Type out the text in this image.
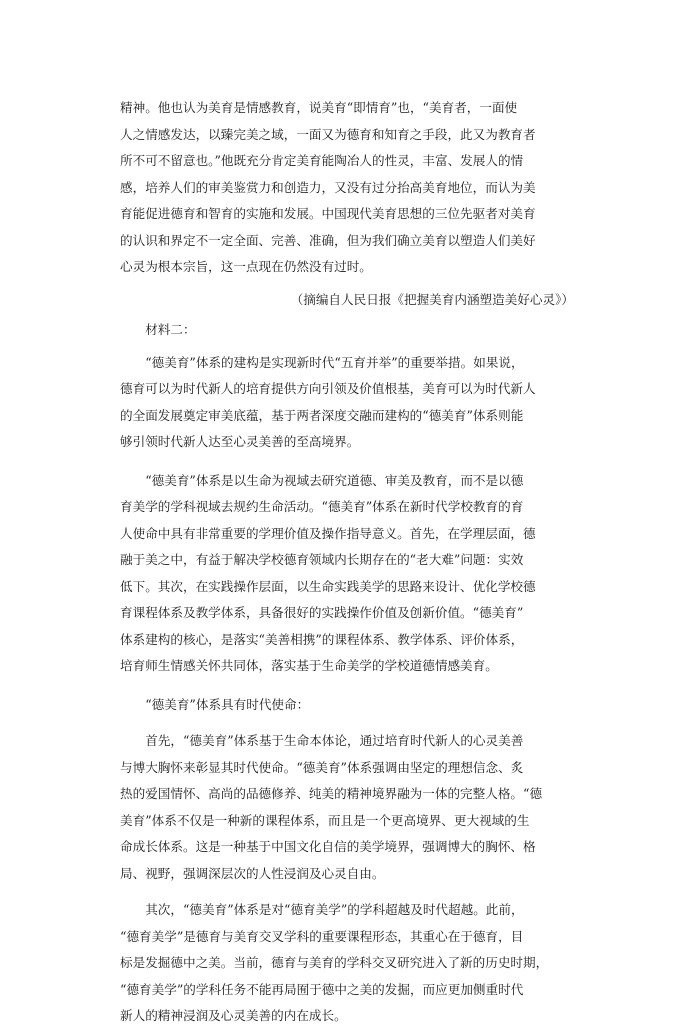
精神。他也认为美育是情感教育，说美育“即情育”也，“美育者，一面使
人之情感发达，以臻完美之域，一面又为德育和知育之手段，此又为教育者
所不可不留意也。”他既充分肯定美育能陶冶人的性灵，丰富、发展人的情
感，培养人们的审美鉴赏力和创造力，又没有过分抬高美育地位，而认为美
育能促进德育和智育的实施和发展。中国现代美育思想的三位先驱者对美育
的认识和界定不一定全面、完善、准确，但为我们确立美育以塑造人们美好
心灵为根本宗旨，这一点现在仍然没有过时。

（摘编自人民日报《把握美育内涵塑造美好心灵》）

材料二：

“德美育”体系的建构是实现新时代“五育并举”的重要举措。如果说，
德育可以为时代新人的培育提供方向引领及价值根基，美育可以为时代新人
的全面发展奠定审美底蕴，基于两者深度交融而建构的“德美育”体系则能
够引领时代新人达至心灵美善的至高境界。

“德美育”体系是以生命为视域去研究道德、审美及教育，而不是以德
育美学的学科视域去规约生命活动。“德美育”体系在新时代学校教育的育
人使命中具有非常重要的学理价值及操作指导意义。首先，在学理层面，德
融于美之中，有益于解决学校德育领域内长期存在的“老大难”问题：实效
低下。其次，在实践操作层面，以生命实践美学的思路来设计、优化学校德
育课程体系及教学体系，具备很好的实践操作价值及创新价值。“德美育”
体系建构的核心，是落实“美善相携”的课程体系、教学体系、评价体系，
培育师生情感关怀共同体，落实基于生命美学的学校道德情感美育。

“德美育”体系具有时代使命：

首先，“德美育”体系基于生命本体论，通过培育时代新人的心灵美善
与博大胸怀来彰显其时代使命。“德美育”体系强调由坚定的理想信念、炙
热的爱国情怀、高尚的品德修养、纯美的精神境界融为一体的完整人格。“德
美育”体系不仅是一种新的课程体系，而且是一个更高境界、更大视域的生
命成长体系。这是一种基于中国文化自信的美学境界，强调博大的胸怀、格
局、视野，强调深层次的人性浸润及心灵自由。

其次，“德美育”体系是对“德育美学”的学科超越及时代超越。此前，
“德育美学”是德育与美育交叉学科的重要课程形态，其重心在于德育，目
标是发掘德中之美。当前，德育与美育的学科交叉研究进入了新的历史时期，
“德育美学”的学科任务不能再局囿于德中之美的发掘，而应更加侧重时代
新人的精神浸润及心灵美善的内在成长。
